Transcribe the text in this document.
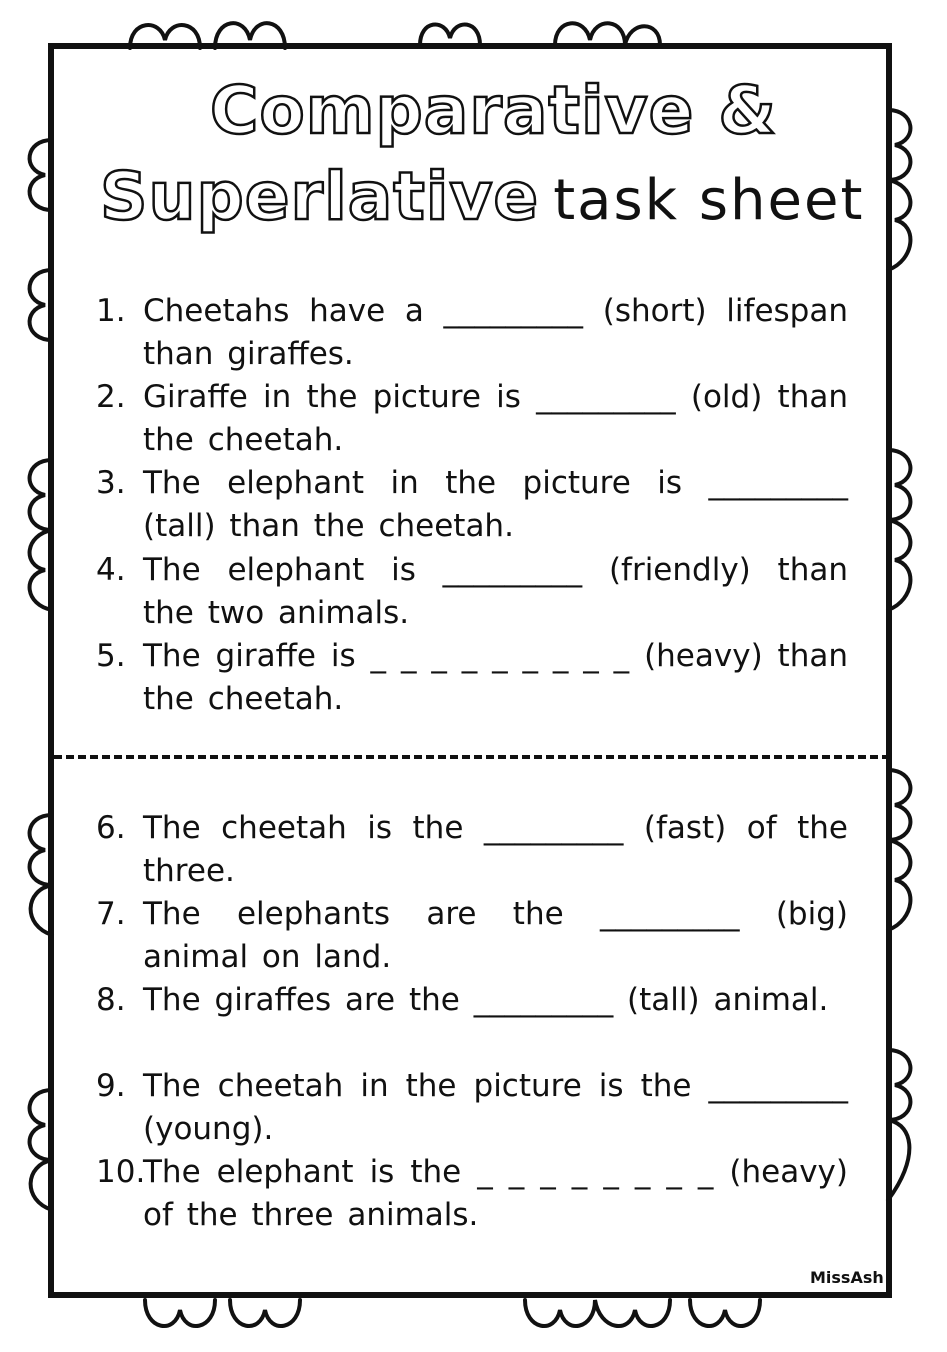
Comparative &
Superlative task sheet
1. Cheetahs have a _________ (short) lifespan than giraffes.
2. Giraffe in the picture is _________ (old) than the cheetah.
3. The elephant in the picture is _________ (tall) than the cheetah.
4. The elephant is _________ (friendly) than the two animals.
5. The giraffe is _ _ _ _ _ _ _ _ _ (heavy) than the cheetah.
6. The cheetah is the _________ (fast) of the three.
7. The elephants are the _________ (big) animal on land.
8. The giraffes are the _________ (tall) animal.
9. The cheetah in the picture is the _________ (young).
10.
The elephant is the _ _ _ _ _ _ _ _ (heavy) of the three animals.
MissAsh
